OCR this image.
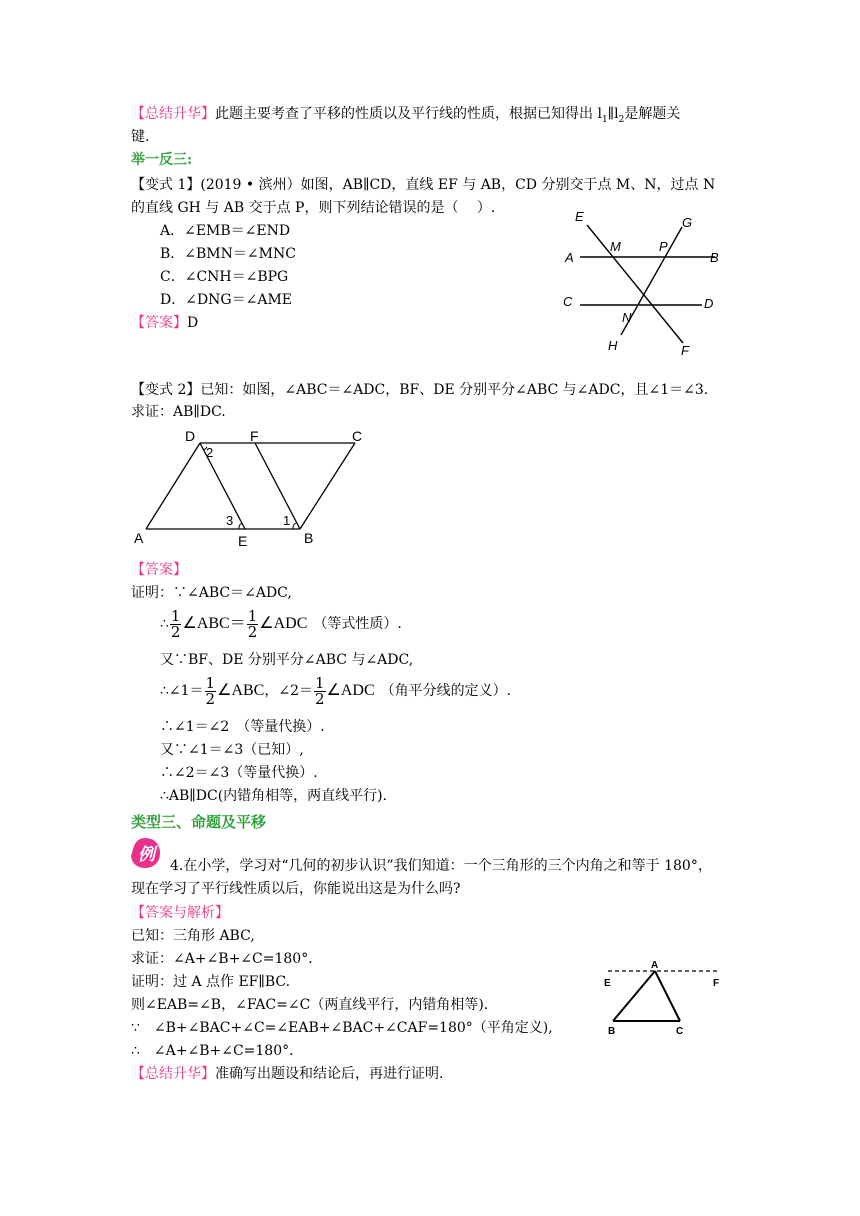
【总结升华】此题主要考查了平移的性质以及平行线的性质，根据已知得出 $l_1\parallel l_2$是解题关
键.
举一反三:
【变式 1】(2019 • 滨州）如图，AB∥CD，直线 EF 与 AB，CD 分别交于点 M、N，过点 N
的直线 GH 与 AB 交于点 P，则下列结论错误的是（　 ）.
A．∠EMB＝∠END
B．∠BMN＝∠MNC
C．∠CNH＝∠BPG
D．∠DNG＝∠AME
【答案】D
E	G
A
M	P
B
C	D
N
H	F
【变式 2】已知：如图，∠ABC＝∠ADC，BF、DE 分别平分∠ABC 与∠ADC，且∠1＝∠3.
求证：AB∥DC.
D
2
F	C
3	1
A	E	B
【答案】
证明：∵∠ABC＝∠ADC,
∴ $\frac{1}{2}$ ∠ABC＝ $\frac{1}{2}$ ∠ADC （等式性质）.
又∵BF、DE 分别平分∠ABC 与∠ADC,
∴∠1＝ $\frac{1}{2}$ ∠ABC，∠2＝ $\frac{1}{2}$ ∠ADC （角平分线的定义）.
∴∠1＝∠2　（等量代换）.
又∵∠1＝∠3（已知）,
∴∠2＝∠3（等量代换）.
∴AB∥DC(内错角相等，两直线平行).
类型三、命题及平移
例
4.在小学，学习对“几何的初步认识”我们知道：一个三角形的三个内角之和等于 180°，
现在学习了平行线性质以后，你能说出这是为什么吗?
【答案与解析】
已知：三角形 ABC,
求证：∠A+∠B+∠C=180°．
证明：过 A 点作 EF∥BC.
则∠EAB=∠B，∠FAC=∠C（两直线平行，内错角相等).
∵　∠B+∠BAC+∠C=∠EAB+∠BAC+∠CAF=180°（平角定义),
∴　∠A+∠B+∠C=180°．
A
E	F
B	C
【总结升华】准确写出题设和结论后，再进行证明.
